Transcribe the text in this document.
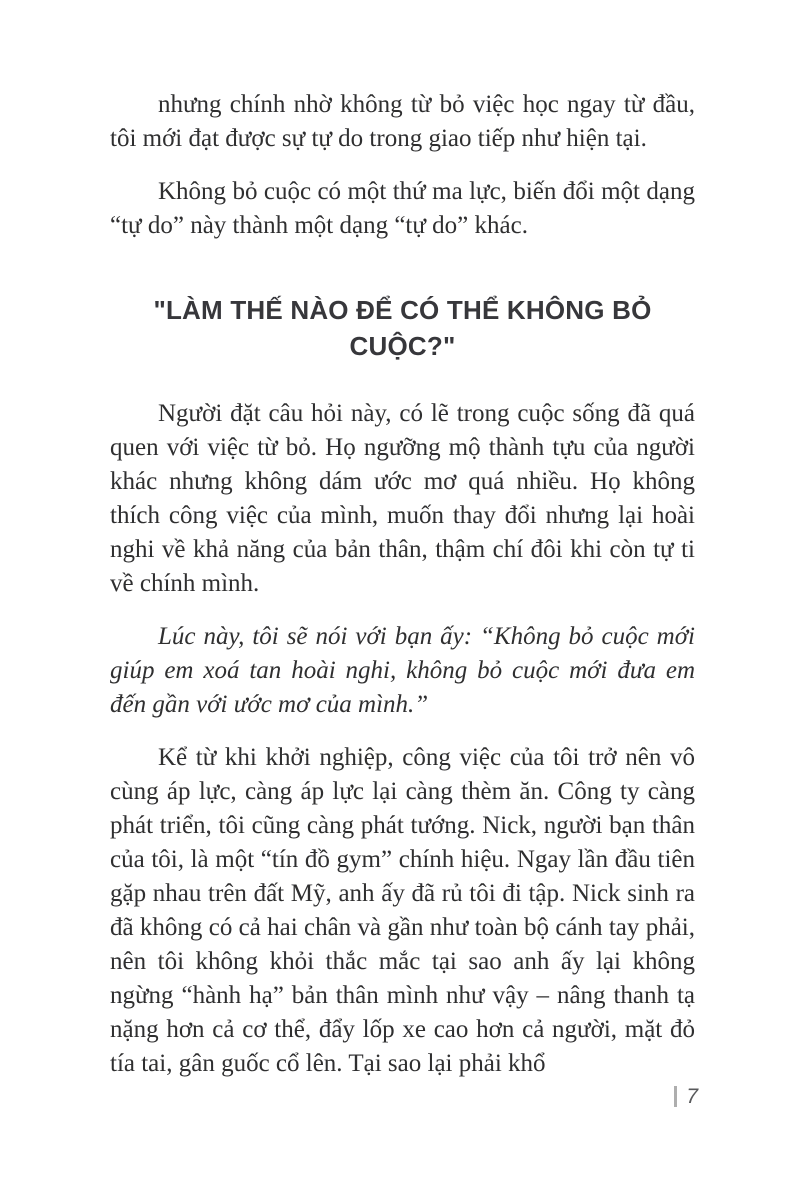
nhưng chính nhờ không từ bỏ việc học ngay từ đầu, tôi mới đạt được sự tự do trong giao tiếp như hiện tại.

Không bỏ cuộc có một thứ ma lực, biến đổi một dạng “tự do” này thành một dạng “tự do” khác.

"LÀM THẾ NÀO ĐỂ CÓ THỂ KHÔNG BỎ CUỘC?"

Người đặt câu hỏi này, có lẽ trong cuộc sống đã quá quen với việc từ bỏ. Họ ngưỡng mộ thành tựu của người khác nhưng không dám ước mơ quá nhiều. Họ không thích công việc của mình, muốn thay đổi nhưng lại hoài nghi về khả năng của bản thân, thậm chí đôi khi còn tự ti về chính mình.

Lúc này, tôi sẽ nói với bạn ấy: “Không bỏ cuộc mới giúp em xoá tan hoài nghi, không bỏ cuộc mới đưa em đến gần với ước mơ của mình.”

Kể từ khi khởi nghiệp, công việc của tôi trở nên vô cùng áp lực, càng áp lực lại càng thèm ăn. Công ty càng phát triển, tôi cũng càng phát tướng. Nick, người bạn thân của tôi, là một “tín đồ gym” chính hiệu. Ngay lần đầu tiên gặp nhau trên đất Mỹ, anh ấy đã rủ tôi đi tập. Nick sinh ra đã không có cả hai chân và gần như toàn bộ cánh tay phải, nên tôi không khỏi thắc mắc tại sao anh ấy lại không ngừng “hành hạ” bản thân mình như vậy – nâng thanh tạ nặng hơn cả cơ thể, đẩy lốp xe cao hơn cả người, mặt đỏ tía tai, gân guốc cổ lên. Tại sao lại phải khổ

7
